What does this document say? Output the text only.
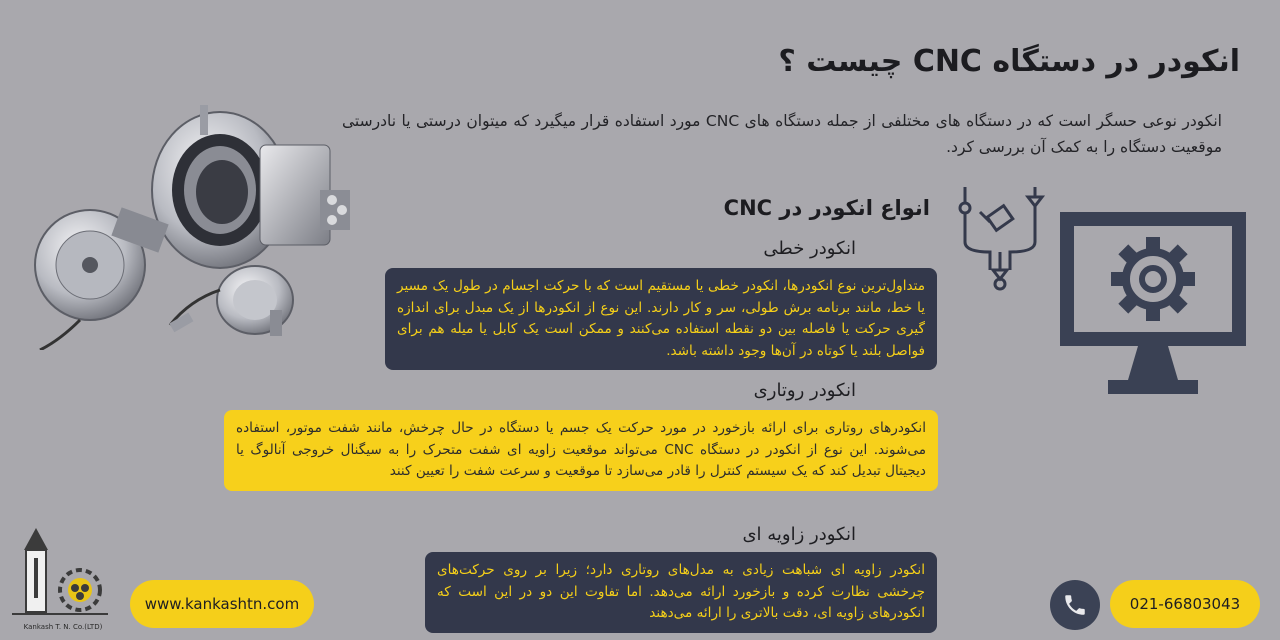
انکودر در دستگاه CNC چیست ؟
انکودر نوعی حسگر است که در دستگاه های مختلفی از جمله دستگاه های CNC مورد استفاده قرار میگیرد که میتوان درستی یا نادرستی موقعیت دستگاه را به کمک آن بررسی کرد.
انواع انکودر در CNC
انکودر خطی
متداول‌ترین نوع انکودرها، انکودر خطی یا مستقیم است که با حرکت اجسام در طول یک مسیر یا خط، مانند برنامه برش طولی، سر و کار دارند. این نوع از انکودرها از یک مبدل برای اندازه گیری حرکت یا فاصله بین دو نقطه استفاده می‌کنند و ممکن است یک کابل یا میله هم برای فواصل بلند یا کوتاه در آن‌ها وجود داشته باشد.
انکودر روتاری
انکودرهای روتاری برای ارائه بازخورد در مورد حرکت یک جسم یا دستگاه در حال چرخش، مانند شفت موتور، استفاده می‌شوند. این نوع از انکودر در دستگاه CNC می‌تواند موقعیت زاویه ای شفت متحرک را به سیگنال خروجی آنالوگ یا دیجیتال تبدیل کند که یک سیستم کنترل را قادر می‌سازد تا موقعیت و سرعت شفت را تعیین کنند
انکودر زاویه ای
انکودر زاویه ای شباهت زیادی به مدل‌های روتاری دارد؛ زیرا بر روی حرکت‌های چرخشی نظارت کرده و بازخورد ارائه می‌دهد. اما تفاوت این دو در این است که انکودرهای زاویه ای، دقت بالاتری را ارائه می‌دهند
Kankash T. N. Co.(LTD)
www.kankashtn.com	021-66803043
